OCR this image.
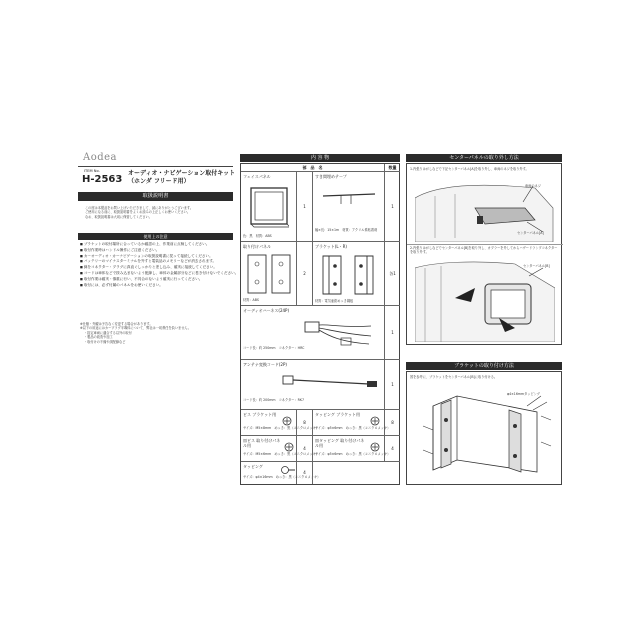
Aodea
ITEM No.
H-2563
オーディオ・ナビゲーション取付キット
（ホンダ フリード用）
取扱説明書
この度は本製品をお買い上げいただきまして、誠にありがとうございます。
ご使用になる前に、取扱説明書をよくお読みの上正しくお使いください。
なお、取扱説明書は大切に保管してください。
使用上の注意
■ ブラケットの取付場所に合っているか確認の上、作業前に点検してください。
■ 取付作業時はハンドル操作にご注意ください。
■ カーオーディオ・カーナビゲーションの取扱説明書に従って接続してください。
■ バッテリーのマイナスターミナルを外すと電装品のメモリーなどが消去されます。
■ 線をコネクター・プラグに真直ぐしっかりと差し込み、確実に接続してください。
■ コードは車体などで挟み込まないよう配線し、車体の金属部分などに巻き付けないでください。
■ 取付作業は確実・慎重に行い、不具合のないよう確実に行ってください。
■ 取付には、必ず付属のパネルをお使いください。
※仕様・外観は予告なく変更する場合があります。
※以下の用途にはカープラグ半導体について、弊社は一切責任を負いません。
・指定車両に適合する以外の取付
・製品の改造や加工
・取付けの不備や誤配線など
内 容 物
部　品　名	数量
フェイスパネル
色：黒　材質：ABS
1
すき間埋めテープ
幅×長：15×1m　材質：アクリル系粘着剤
1
取り付けパネル
材質：ABS
2
ブラケット(L・R)
材質：電気亜鉛めっき鋼板
各1
オーディオハーネス(24P)
コード長：約 250mm　コネクター：HRC
1
アンテナ変換コード(2P)
コード長：約 200mm　コネクター：RK7
1
ビス ブラケット用
サイズ：M5×8mm　めっき：黒（ユニクロメッキ）
8
タッピング ブラケット用
サイズ：φ5×6mm　めっき：黒（ユニクロメッキ）
8
皿ビス 取り付けパネル用
サイズ：M5×6mm　めっき：黒（ユニクロメッキ）
4
皿タッピング 取り付けパネル用
サイズ：φ5×6mm　めっき：黒（ユニクロメッキ）
4
タッピング
サイズ：φ4×16mm　めっき：黒（ユニクロメッキ）
4
センターパネルの取り外し方法
1.内張りはがしなどで下記センターパネル[A]を取り外し、車両のネジを取り外す。
車両のネジ
センターパネル[A]
2.内張りはがしなどでセンターパネル[B]を取り外し、カプラーを外してからハザードランプコネクターを取り外す。
センターパネル[B]
ブラケットの取り付け方法
図を参考に、ブラケットをセンターパネル[B]に取り付ける。
φ4×16mmタッピング
